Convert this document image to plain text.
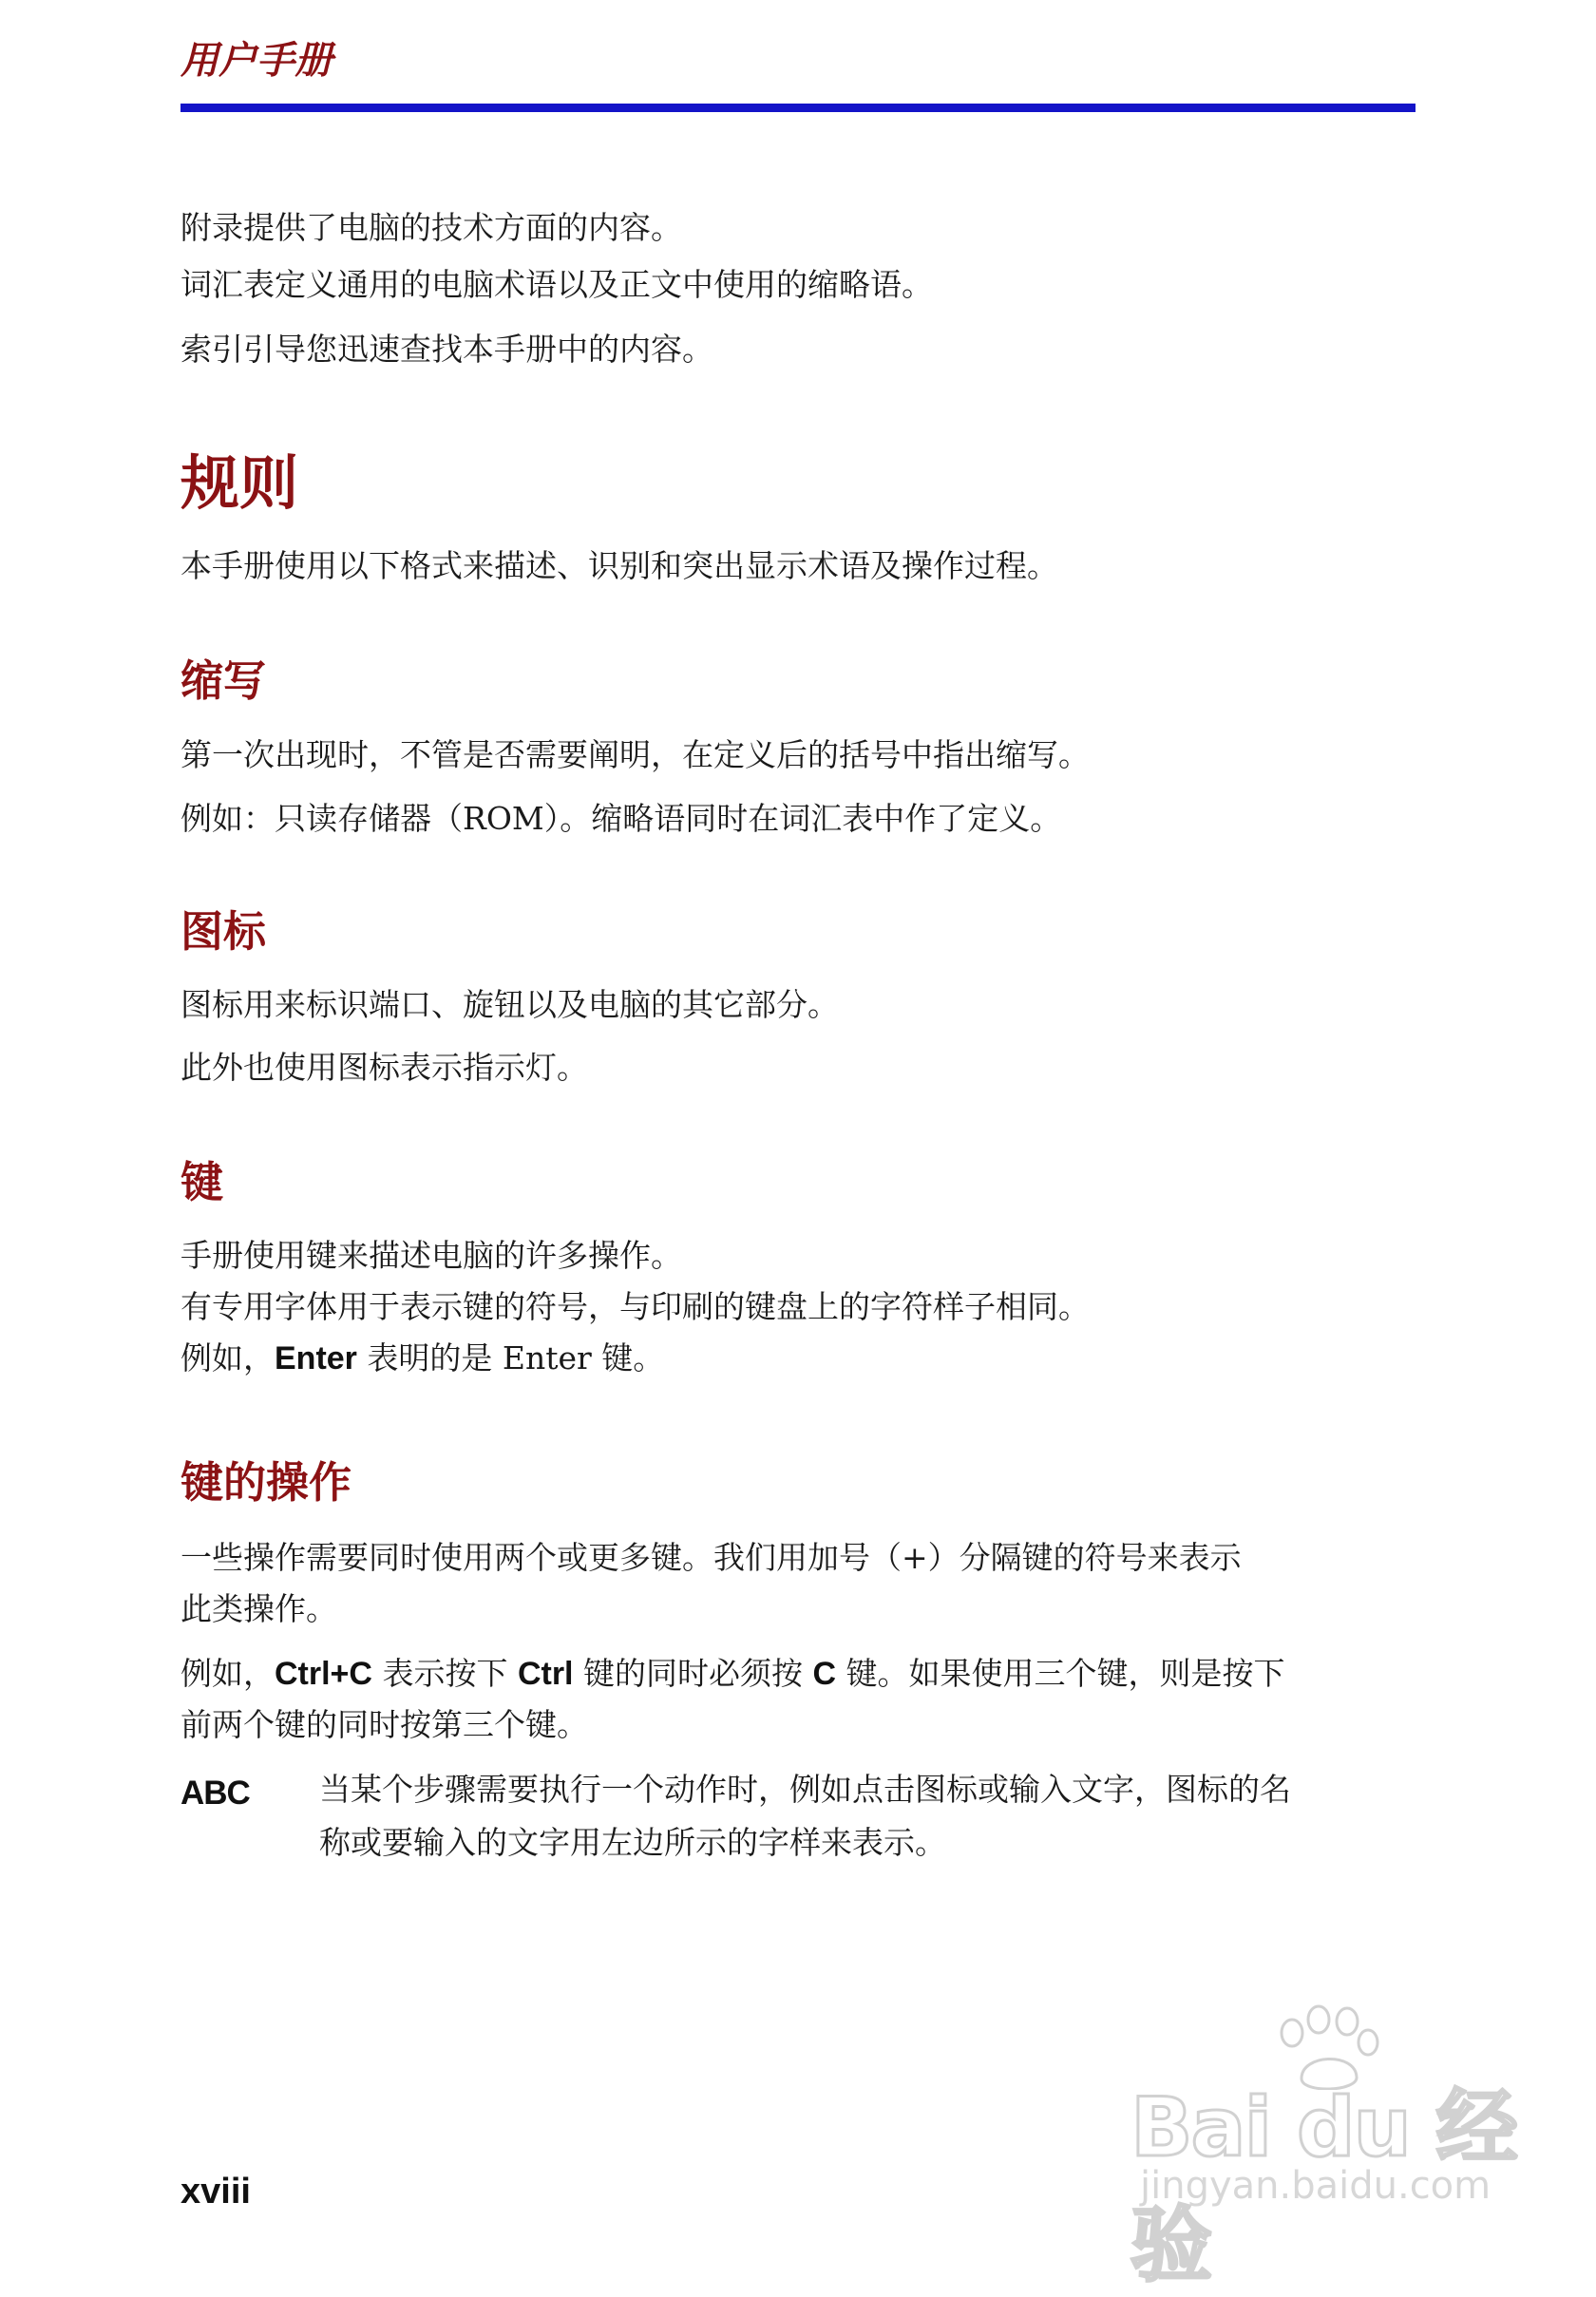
用户手册

附录提供了电脑的技术方面的内容。

词汇表定义通用的电脑术语以及正文中使用的缩略语。

索引引导您迅速查找本手册中的内容。

规则

本手册使用以下格式来描述、识别和突出显示术语及操作过程。

缩写

第一次出现时，不管是否需要阐明，在定义后的括号中指出缩写。

例如：只读存储器（ROM）。缩略语同时在词汇表中作了定义。

图标

图标用来标识端口、旋钮以及电脑的其它部分。

此外也使用图标表示指示灯。

键

手册使用键来描述电脑的许多操作。

有专用字体用于表示键的符号，与印刷的键盘上的字符样子相同。

例如，Enter 表明的是 Enter 键。

键的操作

一些操作需要同时使用两个或更多键。我们用加号（+）分隔键的符号来表示

此类操作。

例如，Ctrl+C 表示按下 Ctrl 键的同时必须按 C 键。如果使用三个键，则是按下

前两个键的同时按第三个键。

ABC 当某个步骤需要执行一个动作时，例如点击图标或输入文字，图标的名

称或要输入的文字用左边所示的字样来表示。

xviii
Bai du 经验
jingyan.baidu.com
